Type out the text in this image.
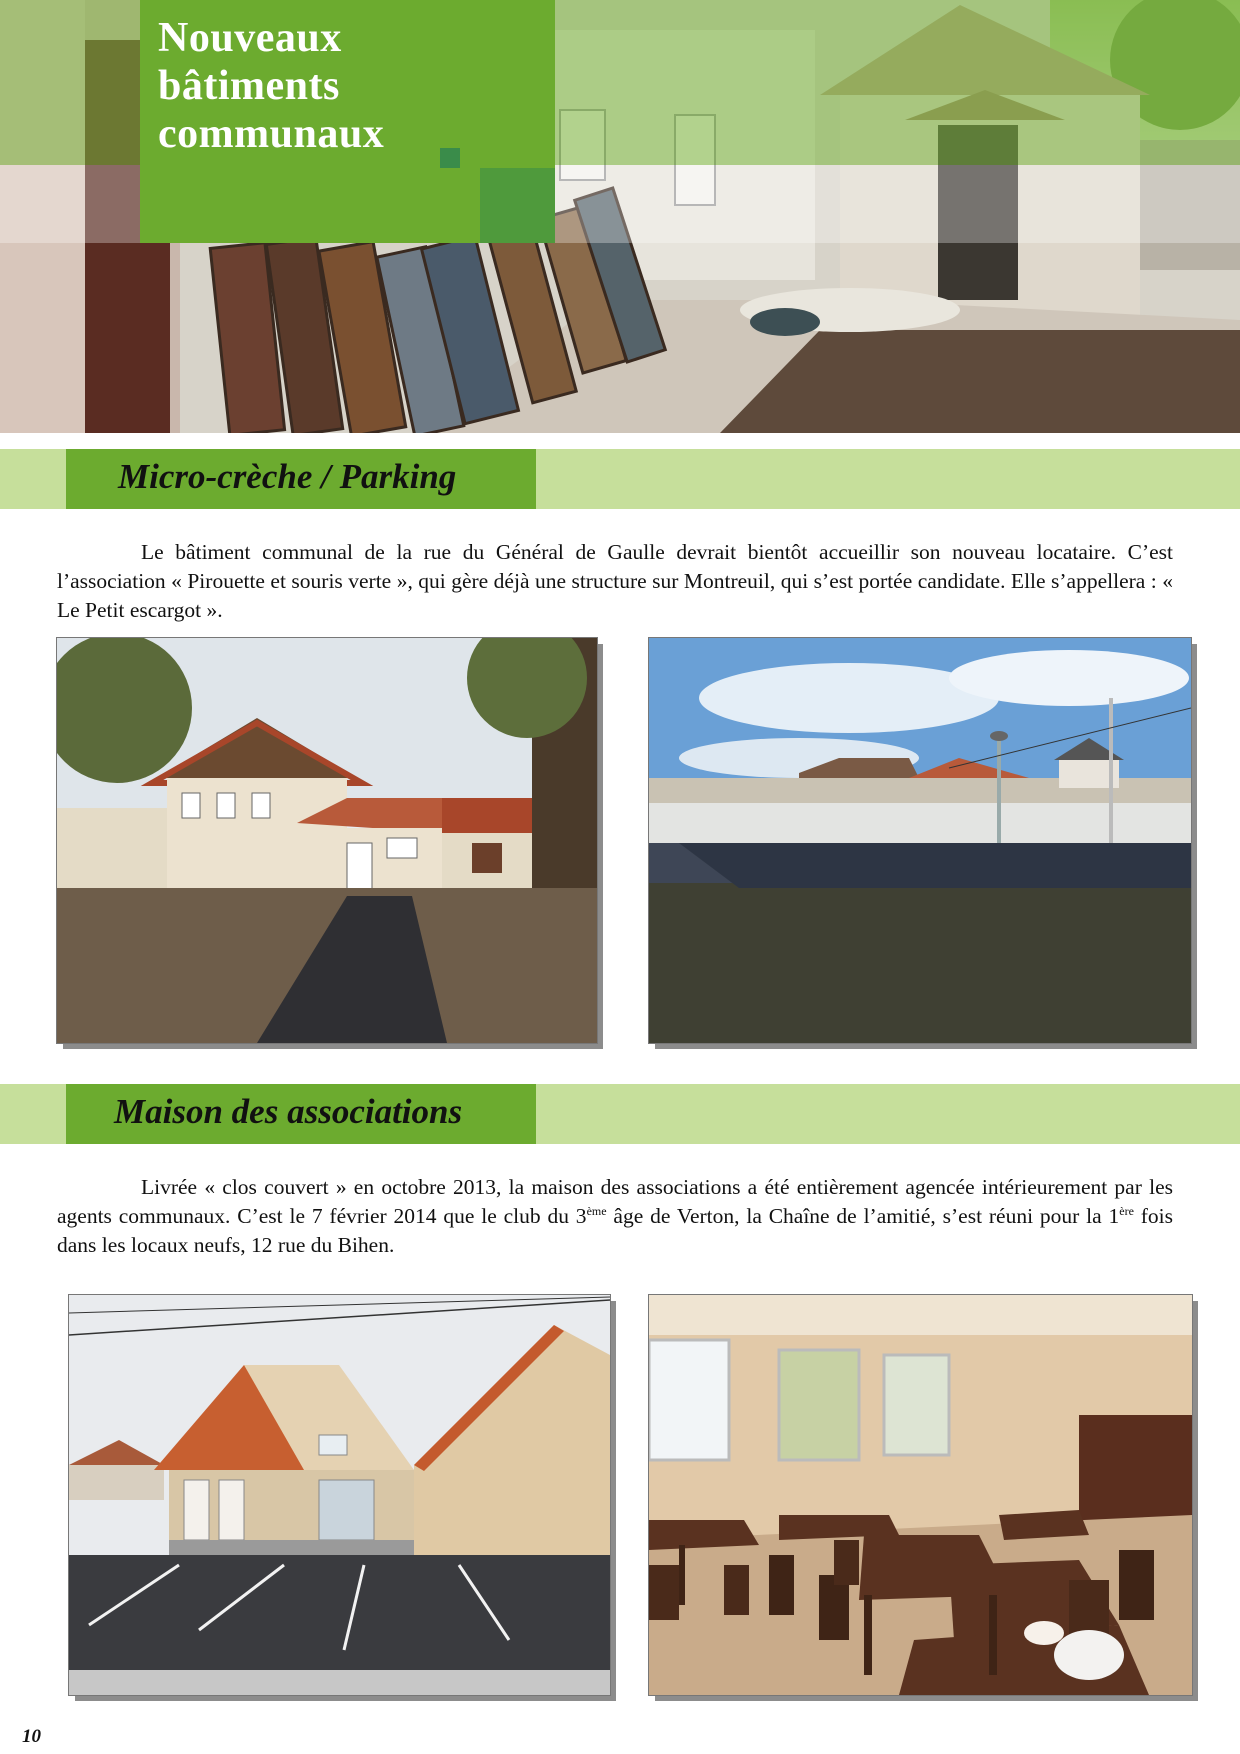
Nouveaux
bâtiments
communaux
Micro-crèche / Parking

Le bâtiment communal de la rue du Général de Gaulle devrait bientôt accueillir son nouveau locataire. C’est l’association « Pirouette et souris verte », qui gère déjà une structure sur Montreuil, qui s’est portée candidate. Elle s’appellera : « Le Petit escargot ».

Maison des associations

Livrée « clos couvert » en octobre 2013, la maison des associations a été entièrement agencée intérieurement par les agents communaux. C’est le 7 février 2014 que le club du 3ème âge de Verton, la Chaîne de l’amitié, s’est réuni pour la 1ère fois dans les locaux neufs, 12 rue du Bihen.

10
